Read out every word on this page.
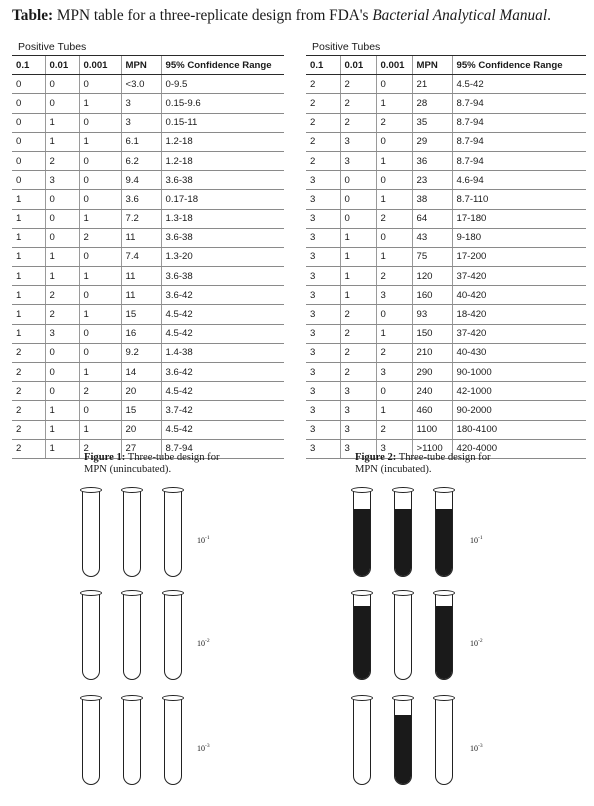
Table: MPN table for a three-replicate design from FDA's Bacterial Analytical Manual.
Positive Tubes
0.1	0.01	0.001	MPN	95% Confidence Range
0	0	0	<3.0	0-9.5
0	0	1	3	0.15-9.6
0	1	0	3	0.15-11
0	1	1	6.1	1.2-18
0	2	0	6.2	1.2-18
0	3	0	9.4	3.6-38
1	0	0	3.6	0.17-18
1	0	1	7.2	1.3-18
1	0	2	11	3.6-38
1	1	0	7.4	1.3-20
1	1	1	11	3.6-38
1	2	0	11	3.6-42
1	2	1	15	4.5-42
1	3	0	16	4.5-42
2	0	0	9.2	1.4-38
2	0	1	14	3.6-42
2	0	2	20	4.5-42
2	1	0	15	3.7-42
2	1	1	20	4.5-42
2	1	2	27	8.7-94
Positive Tubes
0.1	0.01	0.001	MPN	95% Confidence Range
2	2	0	21	4.5-42
2	2	1	28	8.7-94
2	2	2	35	8.7-94
2	3	0	29	8.7-94
2	3	1	36	8.7-94
3	0	0	23	4.6-94
3	0	1	38	8.7-110
3	0	2	64	17-180
3	1	0	43	9-180
3	1	1	75	17-200
3	1	2	120	37-420
3	1	3	160	40-420
3	2	0	93	18-420
3	2	1	150	37-420
3	2	2	210	40-430
3	2	3	290	90-1000
3	3	0	240	42-1000
3	3	1	460	90-2000
3	3	2	1100	180-4100
3	3	3	>1100	420-4000
Figure 1: Three-tube design for
MPN (unincubated).
Figure 2: Three-tube design for
MPN (incubated).
$10^{-1}$
$10^{-2}$
$10^{-3}$
$10^{-1}$
$10^{-2}$
$10^{-3}$
